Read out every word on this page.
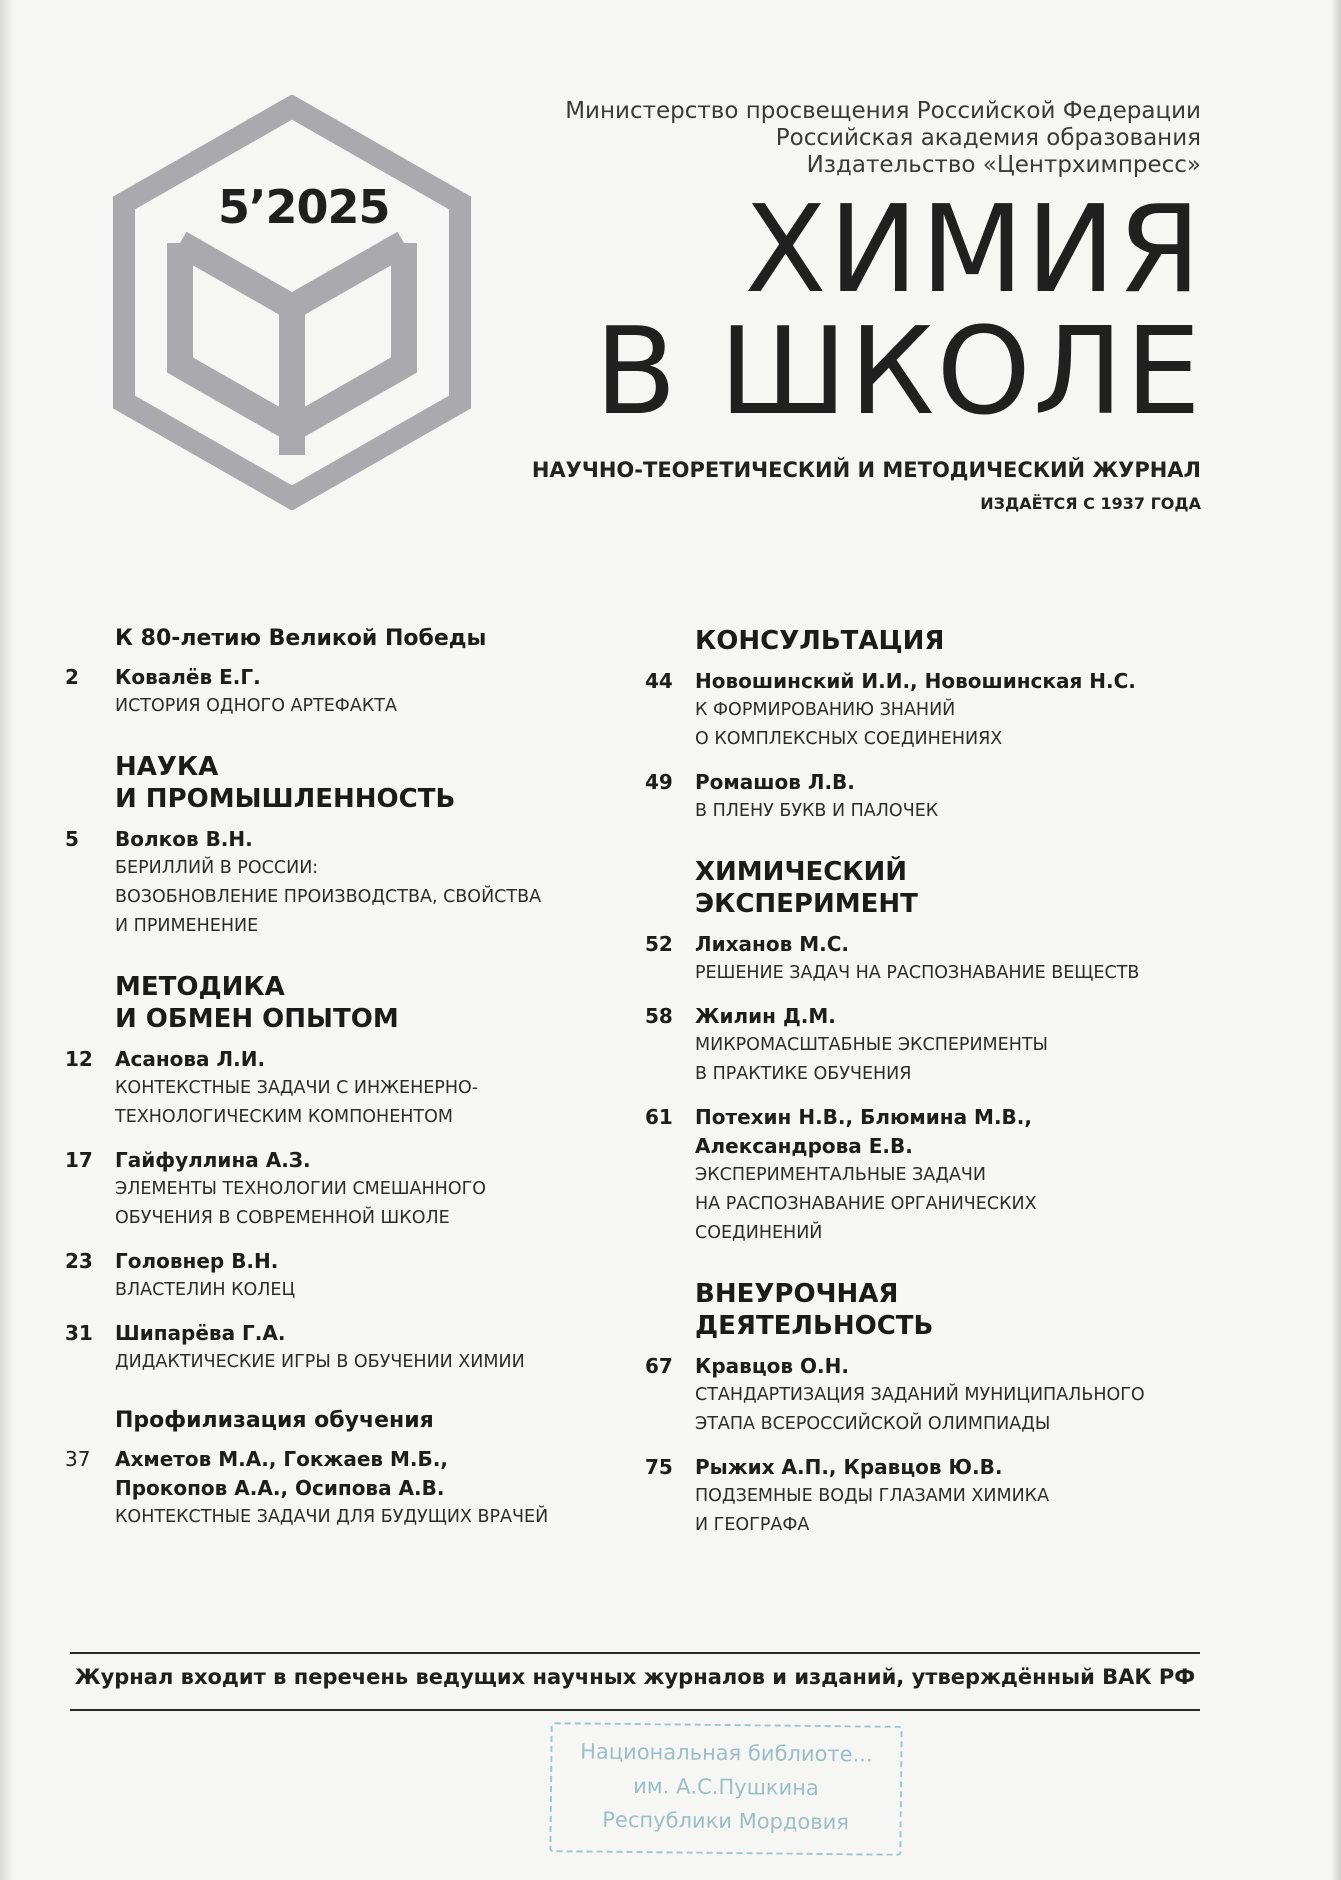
5’2025
Министерство просвещения Российской Федерации
Российская академия образования
Издательство «Центрхимпресс»
ХИМИЯ
В ШКОЛЕ
НАУЧНО-ТЕОРЕТИЧЕСКИЙ И МЕТОДИЧЕСКИЙ ЖУРНАЛ
ИЗДАЁТСЯ С 1937 ГОДА
К 80-летию Великой Победы
2	Ковалёв Е.Г.
ИСТОРИЯ ОДНОГО АРТЕФАКТА
НАУКА
И ПРОМЫШЛЕННОСТЬ
5	Волков В.Н.
БЕРИЛЛИЙ В РОССИИ:
ВОЗОБНОВЛЕНИЕ ПРОИЗВОДСТВА, СВОЙСТВА
И ПРИМЕНЕНИЕ
МЕТОДИКА
И ОБМЕН ОПЫТОМ
12	Асанова Л.И.
КОНТЕКСТНЫЕ ЗАДАЧИ С ИНЖЕНЕРНО-
ТЕХНОЛОГИЧЕСКИМ КОМПОНЕНТОМ
17	Гайфуллина А.З.
ЭЛЕМЕНТЫ ТЕХНОЛОГИИ СМЕШАННОГО
ОБУЧЕНИЯ В СОВРЕМЕННОЙ ШКОЛЕ
23	Головнер В.Н.
ВЛАСТЕЛИН КОЛЕЦ
31	Шипарёва Г.А.
ДИДАКТИЧЕСКИЕ ИГРЫ В ОБУЧЕНИИ ХИМИИ
Профилизация обучения
37	Ахметов М.А., Гокжаев М.Б.,
Прокопов А.А., Осипова А.В.
КОНТЕКСТНЫЕ ЗАДАЧИ ДЛЯ БУДУЩИХ ВРАЧЕЙ
КОНСУЛЬТАЦИЯ
44	Новошинский И.И., Новошинская Н.С.
К ФОРМИРОВАНИЮ ЗНАНИЙ
О КОМПЛЕКСНЫХ СОЕДИНЕНИЯХ
49	Ромашов Л.В.
В ПЛЕНУ БУКВ И ПАЛОЧЕК
ХИМИЧЕСКИЙ
ЭКСПЕРИМЕНТ
52	Лиханов М.С.
РЕШЕНИЕ ЗАДАЧ НА РАСПОЗНАВАНИЕ ВЕЩЕСТВ
58	Жилин Д.М.
МИКРОМАСШТАБНЫЕ ЭКСПЕРИМЕНТЫ
В ПРАКТИКЕ ОБУЧЕНИЯ
61	Потехин Н.В., Блюмина М.В.,
Александрова Е.В.
ЭКСПЕРИМЕНТАЛЬНЫЕ ЗАДАЧИ
НА РАСПОЗНАВАНИЕ ОРГАНИЧЕСКИХ
СОЕДИНЕНИЙ
ВНЕУРОЧНАЯ
ДЕЯТЕЛЬНОСТЬ
67	Кравцов О.Н.
СТАНДАРТИЗАЦИЯ ЗАДАНИЙ МУНИЦИПАЛЬНОГО
ЭТАПА ВСЕРОССИЙСКОЙ ОЛИМПИАДЫ
75	Рыжих А.П., Кравцов Ю.В.
ПОДЗЕМНЫЕ ВОДЫ ГЛАЗАМИ ХИМИКА
И ГЕОГРАФА
Журнал входит в перечень ведущих научных журналов и изданий, утверждённый ВАК РФ
Национальная библиоте...
им. А.С.Пушкина
Республики Мордовия
